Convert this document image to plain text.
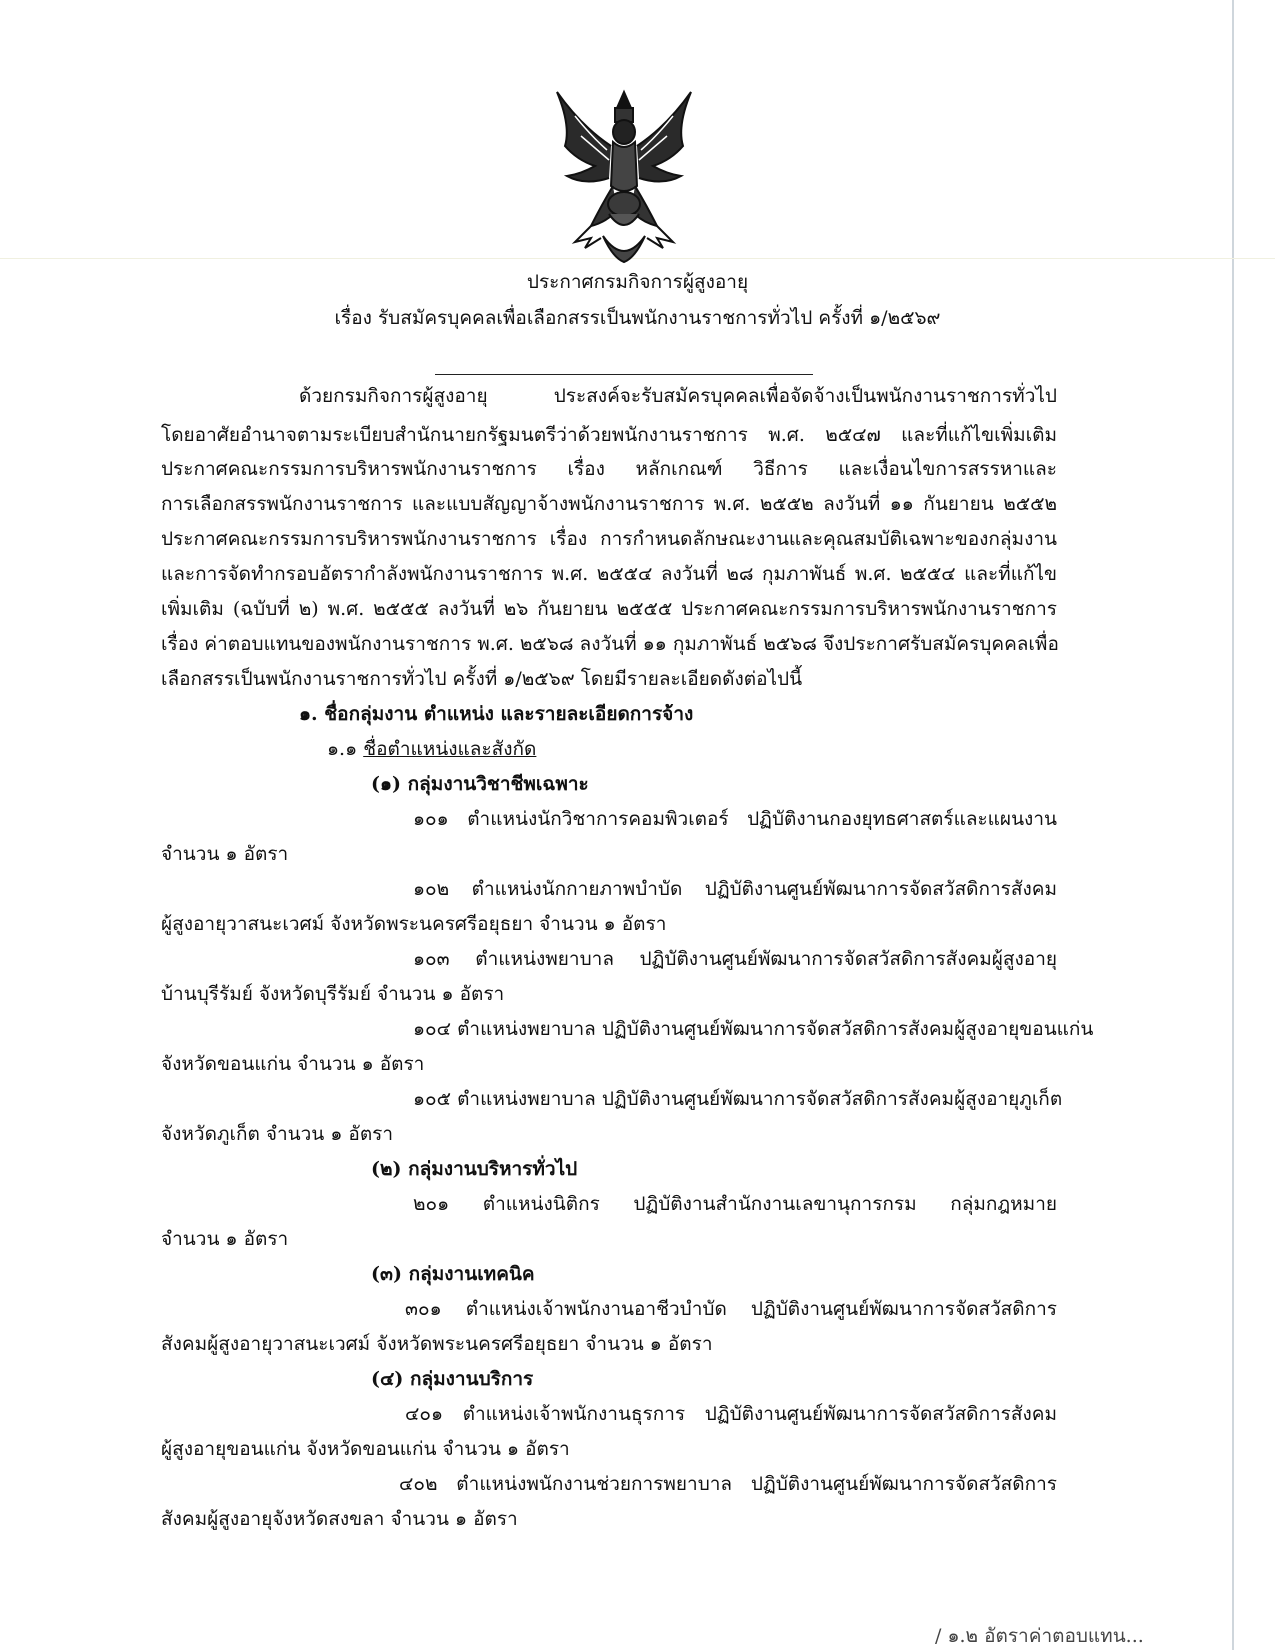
ประกาศกรมกิจการผู้สูงอายุ
เรื่อง รับสมัครบุคคลเพื่อเลือกสรรเป็นพนักงานราชการทั่วไป ครั้งที่ ๑/๒๕๖๙
ด้วยกรมกิจการผู้สูงอายุ ประสงค์จะรับสมัครบุคคลเพื่อจัดจ้างเป็นพนักงานราชการทั่วไป
โดยอาศัยอำนาจตามระเบียบสำนักนายกรัฐมนตรีว่าด้วยพนักงานราชการ พ.ศ. ๒๕๔๗ และที่แก้ไขเพิ่มเติม
ประกาศคณะกรรมการบริหารพนักงานราชการ เรื่อง หลักเกณฑ์ วิธีการ และเงื่อนไขการสรรหาและ
การเลือกสรรพนักงานราชการ และแบบสัญญาจ้างพนักงานราชการ พ.ศ. ๒๕๕๒ ลงวันที่ ๑๑ กันยายน ๒๕๕๒
ประกาศคณะกรรมการบริหารพนักงานราชการ เรื่อง การกำหนดลักษณะงานและคุณสมบัติเฉพาะของกลุ่มงาน
และการจัดทำกรอบอัตรากำลังพนักงานราชการ พ.ศ. ๒๕๕๔ ลงวันที่ ๒๘ กุมภาพันธ์ พ.ศ. ๒๕๕๔ และที่แก้ไข
เพิ่มเติม (ฉบับที่ ๒) พ.ศ. ๒๕๕๕ ลงวันที่ ๒๖ กันยายน ๒๕๕๕ ประกาศคณะกรรมการบริหารพนักงานราชการ
เรื่อง ค่าตอบแทนของพนักงานราชการ พ.ศ. ๒๕๖๘ ลงวันที่ ๑๑ กุมภาพันธ์ ๒๕๖๘ จึงประกาศรับสมัครบุคคลเพื่อ
เลือกสรรเป็นพนักงานราชการทั่วไป ครั้งที่ ๑/๒๕๖๙ โดยมีรายละเอียดดังต่อไปนี้
๑. ชื่อกลุ่มงาน ตำแหน่ง และรายละเอียดการจ้าง
๑.๑ ชื่อตำแหน่งและสังกัด
(๑) กลุ่มงานวิชาชีพเฉพาะ
๑๐๑ ตำแหน่งนักวิชาการคอมพิวเตอร์ ปฏิบัติงานกองยุทธศาสตร์และแผนงาน
จำนวน ๑ อัตรา
๑๐๒ ตำแหน่งนักกายภาพบำบัด ปฏิบัติงานศูนย์พัฒนาการจัดสวัสดิการสังคม
ผู้สูงอายุวาสนะเวศม์ จังหวัดพระนครศรีอยุธยา จำนวน ๑ อัตรา
๑๐๓ ตำแหน่งพยาบาล ปฏิบัติงานศูนย์พัฒนาการจัดสวัสดิการสังคมผู้สูงอายุ
บ้านบุรีรัมย์ จังหวัดบุรีรัมย์ จำนวน ๑ อัตรา
๑๐๔ ตำแหน่งพยาบาล ปฏิบัติงานศูนย์พัฒนาการจัดสวัสดิการสังคมผู้สูงอายุขอนแก่น
จังหวัดขอนแก่น จำนวน ๑ อัตรา
๑๐๕ ตำแหน่งพยาบาล ปฏิบัติงานศูนย์พัฒนาการจัดสวัสดิการสังคมผู้สูงอายุภูเก็ต
จังหวัดภูเก็ต จำนวน ๑ อัตรา
(๒) กลุ่มงานบริหารทั่วไป
๒๐๑ ตำแหน่งนิติกร ปฏิบัติงานสำนักงานเลขานุการกรม กลุ่มกฎหมาย
จำนวน ๑ อัตรา
(๓) กลุ่มงานเทคนิค
๓๐๑ ตำแหน่งเจ้าพนักงานอาชีวบำบัด ปฏิบัติงานศูนย์พัฒนาการจัดสวัสดิการ
สังคมผู้สูงอายุวาสนะเวศม์ จังหวัดพระนครศรีอยุธยา จำนวน ๑ อัตรา
(๔) กลุ่มงานบริการ
๔๐๑ ตำแหน่งเจ้าพนักงานธุรการ ปฏิบัติงานศูนย์พัฒนาการจัดสวัสดิการสังคม
ผู้สูงอายุขอนแก่น จังหวัดขอนแก่น จำนวน ๑ อัตรา
๔๐๒ ตำแหน่งพนักงานช่วยการพยาบาล ปฏิบัติงานศูนย์พัฒนาการจัดสวัสดิการ
สังคมผู้สูงอายุจังหวัดสงขลา จำนวน ๑ อัตรา
/ ๑.๒ อัตราค่าตอบแทน...
